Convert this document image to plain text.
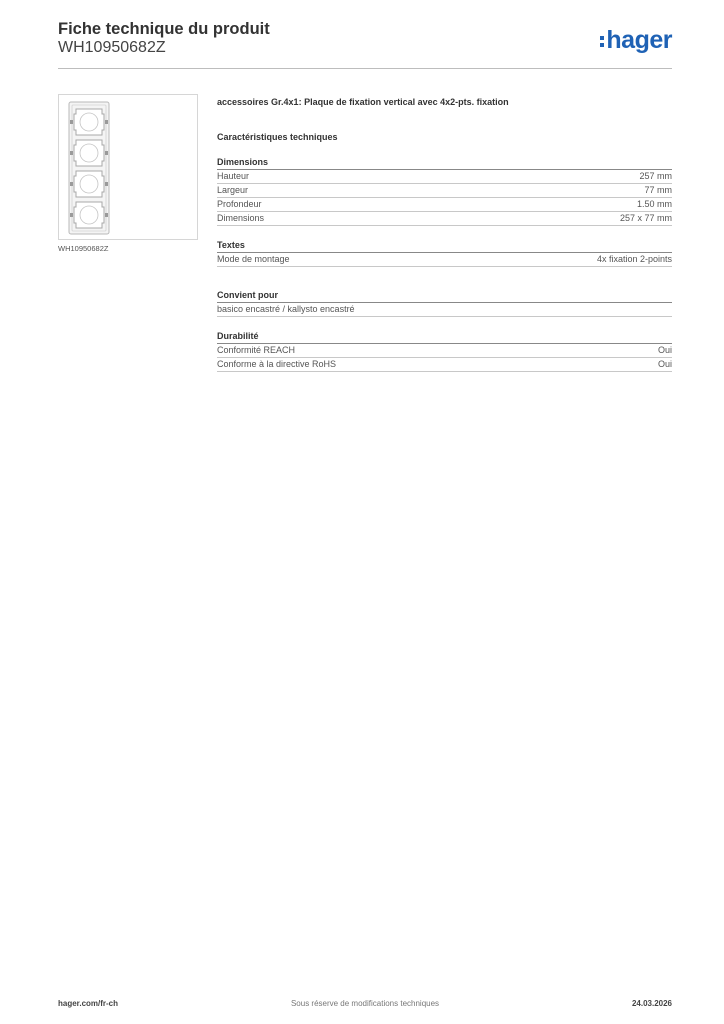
Fiche technique du produit
WH10950682Z	hager
WH10950682Z
accessoires Gr.4x1: Plaque de fixation vertical avec 4x2-pts. fixation
Caractéristiques techniques
Dimensions
Hauteur	257 mm
Largeur	77 mm
Profondeur	1.50 mm
Dimensions	257 x 77 mm
Textes
Mode de montage	4x fixation 2-points
Convient pour
basico encastré / kallysto encastré
Durabilité
Conformité REACH	Oui
Conforme à la directive RoHS	Oui
hager.com/fr-ch	Sous réserve de modifications techniques	24.03.2026
